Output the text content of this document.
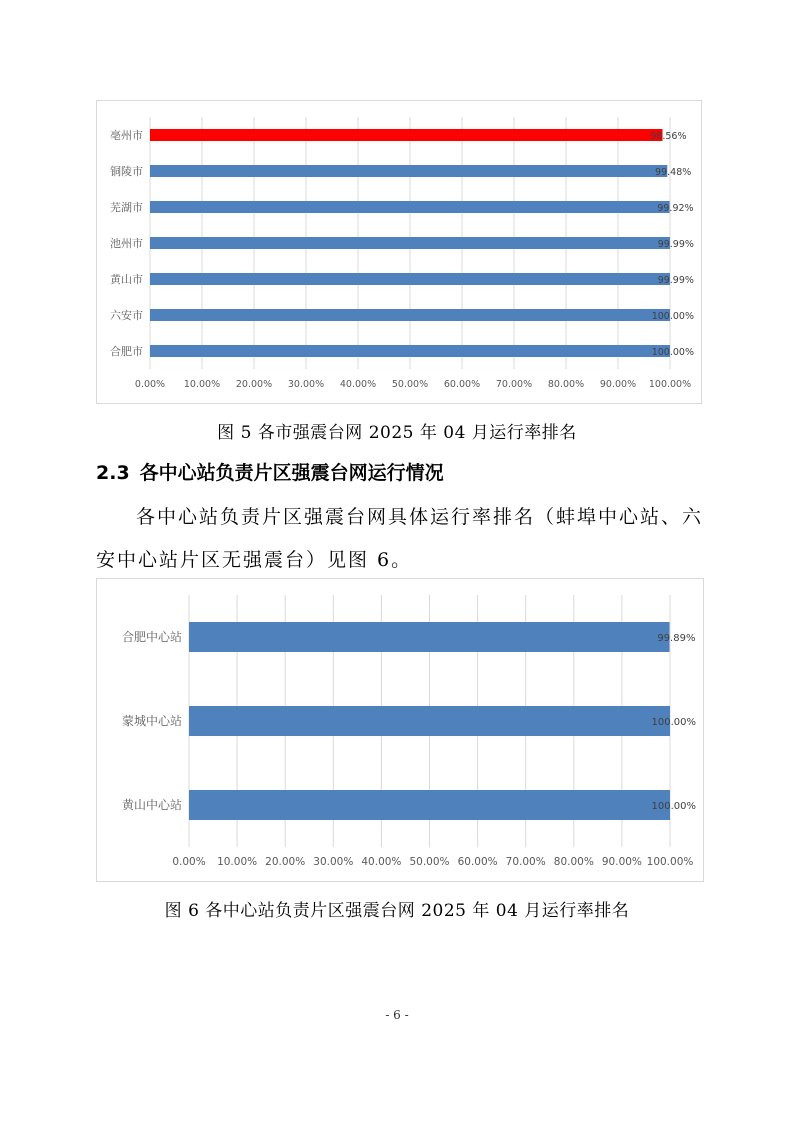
0.00% 10.00% 20.00% 30.00% 40.00% 50.00% 60.00% 70.00% 80.00% 90.00% 100.00%
亳州市	98.56%
铜陵市	99.48%
芜湖市	99.92%
池州市	99.99%
黄山市	99.99%
六安市	100.00%
合肥市	100.00%
图 5 各市强震台网 2025 年 04 月运行率排名
2.3 各中心站负责片区强震台网运行情况
各中心站负责片区强震台网具体运行率排名（蚌埠中心站、六安中心站片区无强震台）见图 6。
0.00% 10.00% 20.00% 30.00% 40.00% 50.00% 60.00% 70.00% 80.00% 90.00% 100.00%
合肥中心站	99.89%
蒙城中心站	100.00%
黄山中心站	100.00%
图 6 各中心站负责片区强震台网 2025 年 04 月运行率排名
- 6 -
